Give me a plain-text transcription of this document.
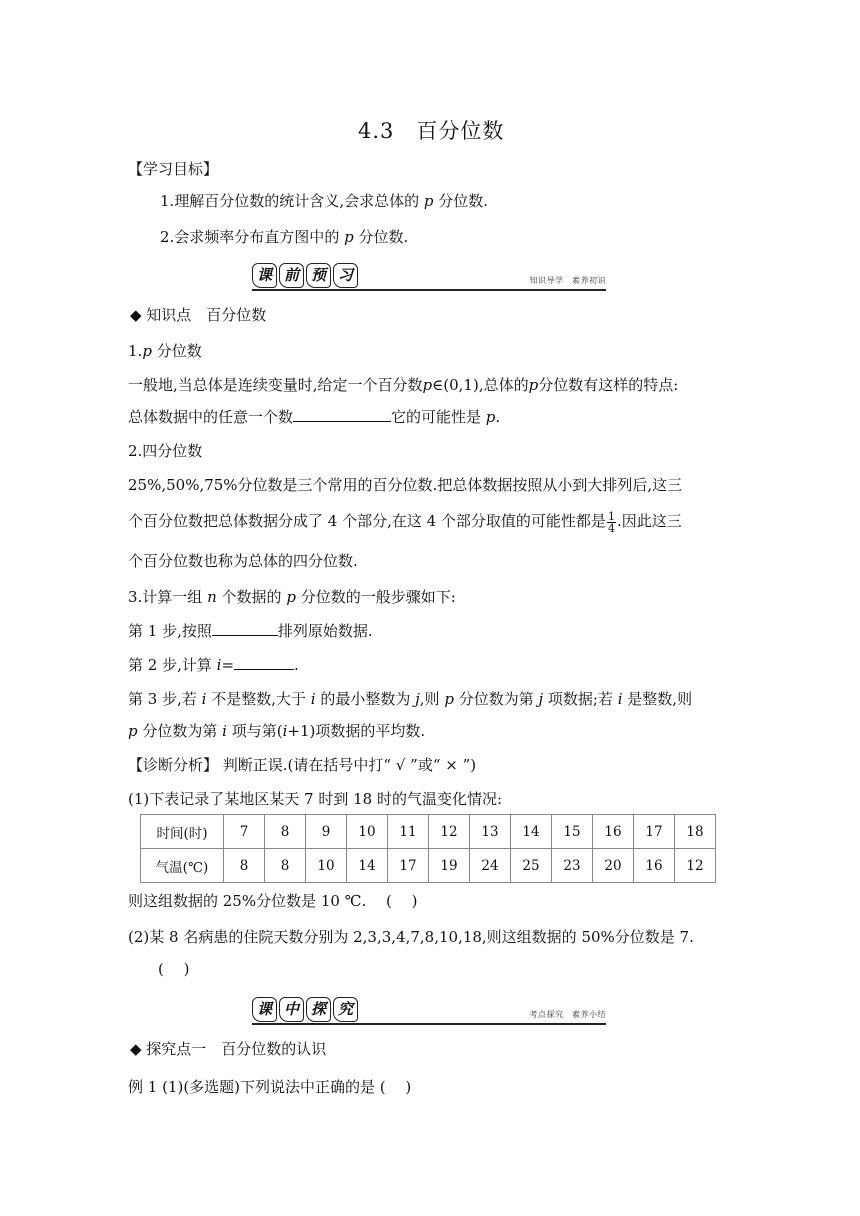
4.3　百分位数
【学习目标】
1.理解百分位数的统计含义,会求总体的 p 分位数.
2.会求频率分布直方图中的 p 分位数.
课 前 预 习	知识导学　素养初识
◆ 知识点　百分位数
1.p 分位数
一般地,当总体是连续变量时,给定一个百分数p∈(0,1),总体的p分位数有这样的特点:
总体数据中的任意一个数	它的可能性是 p.
2.四分位数
25%,50%,75%分位数是三个常用的百分位数.把总体数据按照从小到大排列后,这三
个百分位数把总体数据分成了 4 个部分,在这 4 个部分取值的可能性都是 $\frac{1}{4}$ .因此这三
个百分位数也称为总体的四分位数.
3.计算一组 n 个数据的 p 分位数的一般步骤如下:
第 1 步,按照	排列原始数据.
第 2 步,计算 i=	.
第 3 步,若 i 不是整数,大于 i 的最小整数为 j,则 p 分位数为第 j 项数据;若 i 是整数,则
p 分位数为第 i 项与第(i+1)项数据的平均数.
【诊断分析】 判断正误.(请在括号中打“ √ ”或“ × ”)
(1)下表记录了某地区某天 7 时到 18 时的气温变化情况:
时间(时)	7	8	9	10	11	12	13	14	15	16	17	18
气温(℃)	8	8	10	14	17	19	24	25	23	20	16	12
则这组数据的 25%分位数是 10 ℃.　 (　 )
(2)某 8 名病患的住院天数分别为 2,3,3,4,7,8,10,18,则这组数据的 50%分位数是 7.
(　 )
课 中 探 究	考点探究　素养小结
◆ 探究点一　百分位数的认识
例 1 (1)(多选题)下列说法中正确的是 (　 )
